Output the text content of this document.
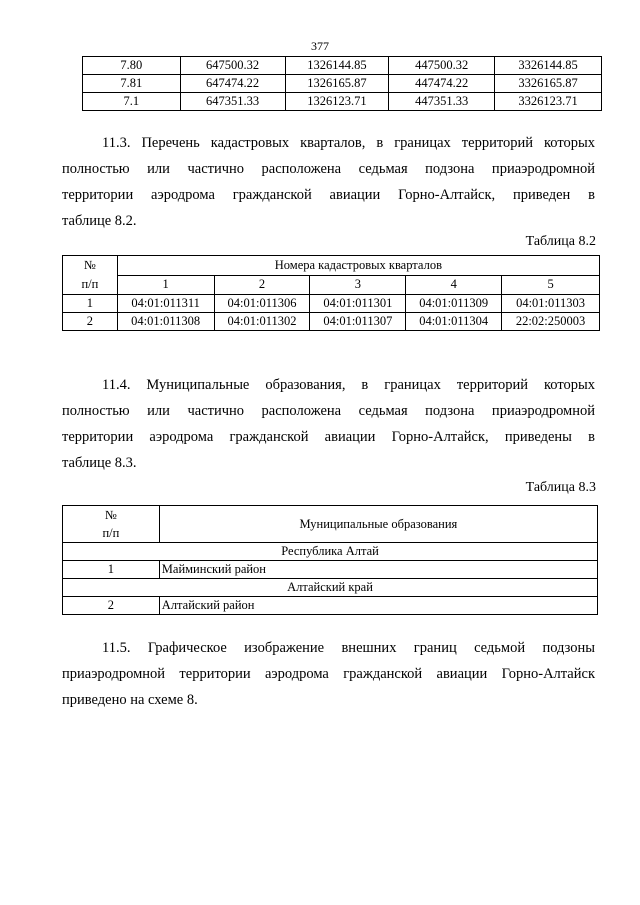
377
7.80	647500.32	1326144.85	447500.32	3326144.85
7.81	647474.22	1326165.87	447474.22	3326165.87
7.1	647351.33	1326123.71	447351.33	3326123.71
11.3. Перечень кадастровых кварталов, в границах территорий которых
полностью или частично расположена седьмая подзона приаэродромной
территории аэродрома гражданской авиации Горно-Алтайск, приведен в
таблице 8.2.
Таблица 8.2
№
п/п	Номера кадастровых кварталов				
	1	2	3	4	5
1	04:01:011311	04:01:011306	04:01:011301	04:01:011309	04:01:011303
2	04:01:011308	04:01:011302	04:01:011307	04:01:011304	22:02:250003
11.4. Муниципальные образования, в границах территорий которых
полностью или частично расположена седьмая подзона приаэродромной
территории аэродрома гражданской авиации Горно-Алтайск, приведены в
таблице 8.3.
Таблица 8.3
№
п/п	Муниципальные образования
Республика Алтай	
1	Майминский район
Алтайский край	
2	Алтайский район
11.5. Графическое изображение внешних границ седьмой подзоны
приаэродромной территории аэродрома гражданской авиации Горно-Алтайск
приведено на схеме 8.
